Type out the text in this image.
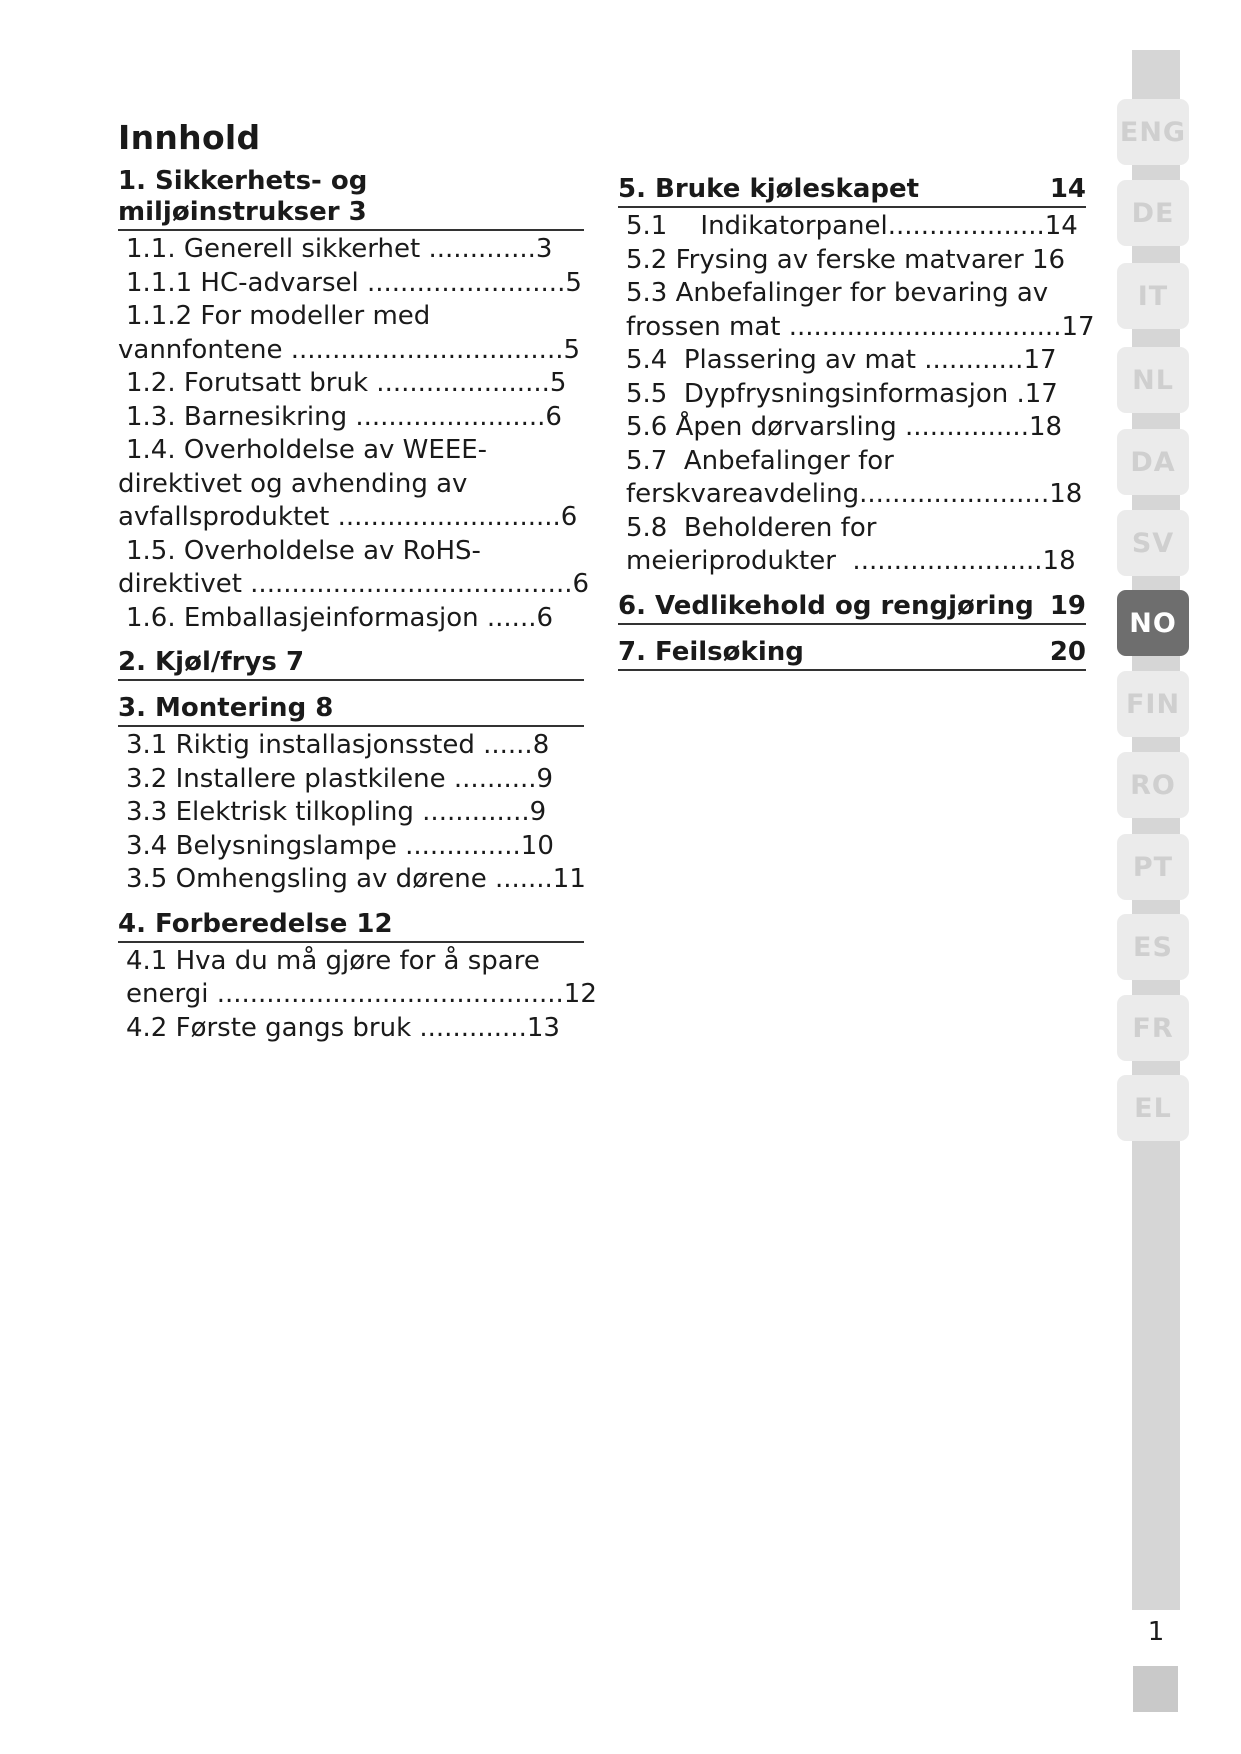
Innhold
1. Sikkerhets- og
miljøinstrukser 3
1.1. Generell sikkerhet .............3
1.1.1 HC-advarsel ........................5
1.1.2 For modeller med
vannfontene .................................5
1.2. Forutsatt bruk .....................5
1.3. Barnesikring .......................6
1.4. Overholdelse av WEEE-
direktivet og avhending av
avfallsproduktet ...........................6
1.5. Overholdelse av RoHS-
direktivet .......................................6
1.6. Emballasjeinformasjon ......6
2. Kjøl/frys 7
3. Montering 8
3.1 Riktig installasjonssted ......8
3.2 Installere plastkilene ..........9
3.3 Elektrisk tilkopling .............9
3.4 Belysningslampe ..............10
3.5 Omhengsling av dørene .......11
4. Forberedelse 12
4.1 Hva du må gjøre for å spare
energi ..........................................12
4.2 Første gangs bruk .............13
5. Bruke kjøleskapet	14
5.1    Indikatorpanel...................14
5.2 Frysing av ferske matvarer 16
5.3 Anbefalinger for bevaring av
frossen mat .................................17
5.4  Plassering av mat ............17
5.5  Dypfrysningsinformasjon .17
5.6 Åpen dørvarsling ...............18
5.7  Anbefalinger for
ferskvareavdeling.......................18
5.8  Beholderen for
meieriprodukter  .......................18
6. Vedlikehold og rengjøring 19
7. Feilsøking	20
ENG
DE
IT
NL
DA
SV
NO
FIN
RO
PT
ES
FR
EL
1
